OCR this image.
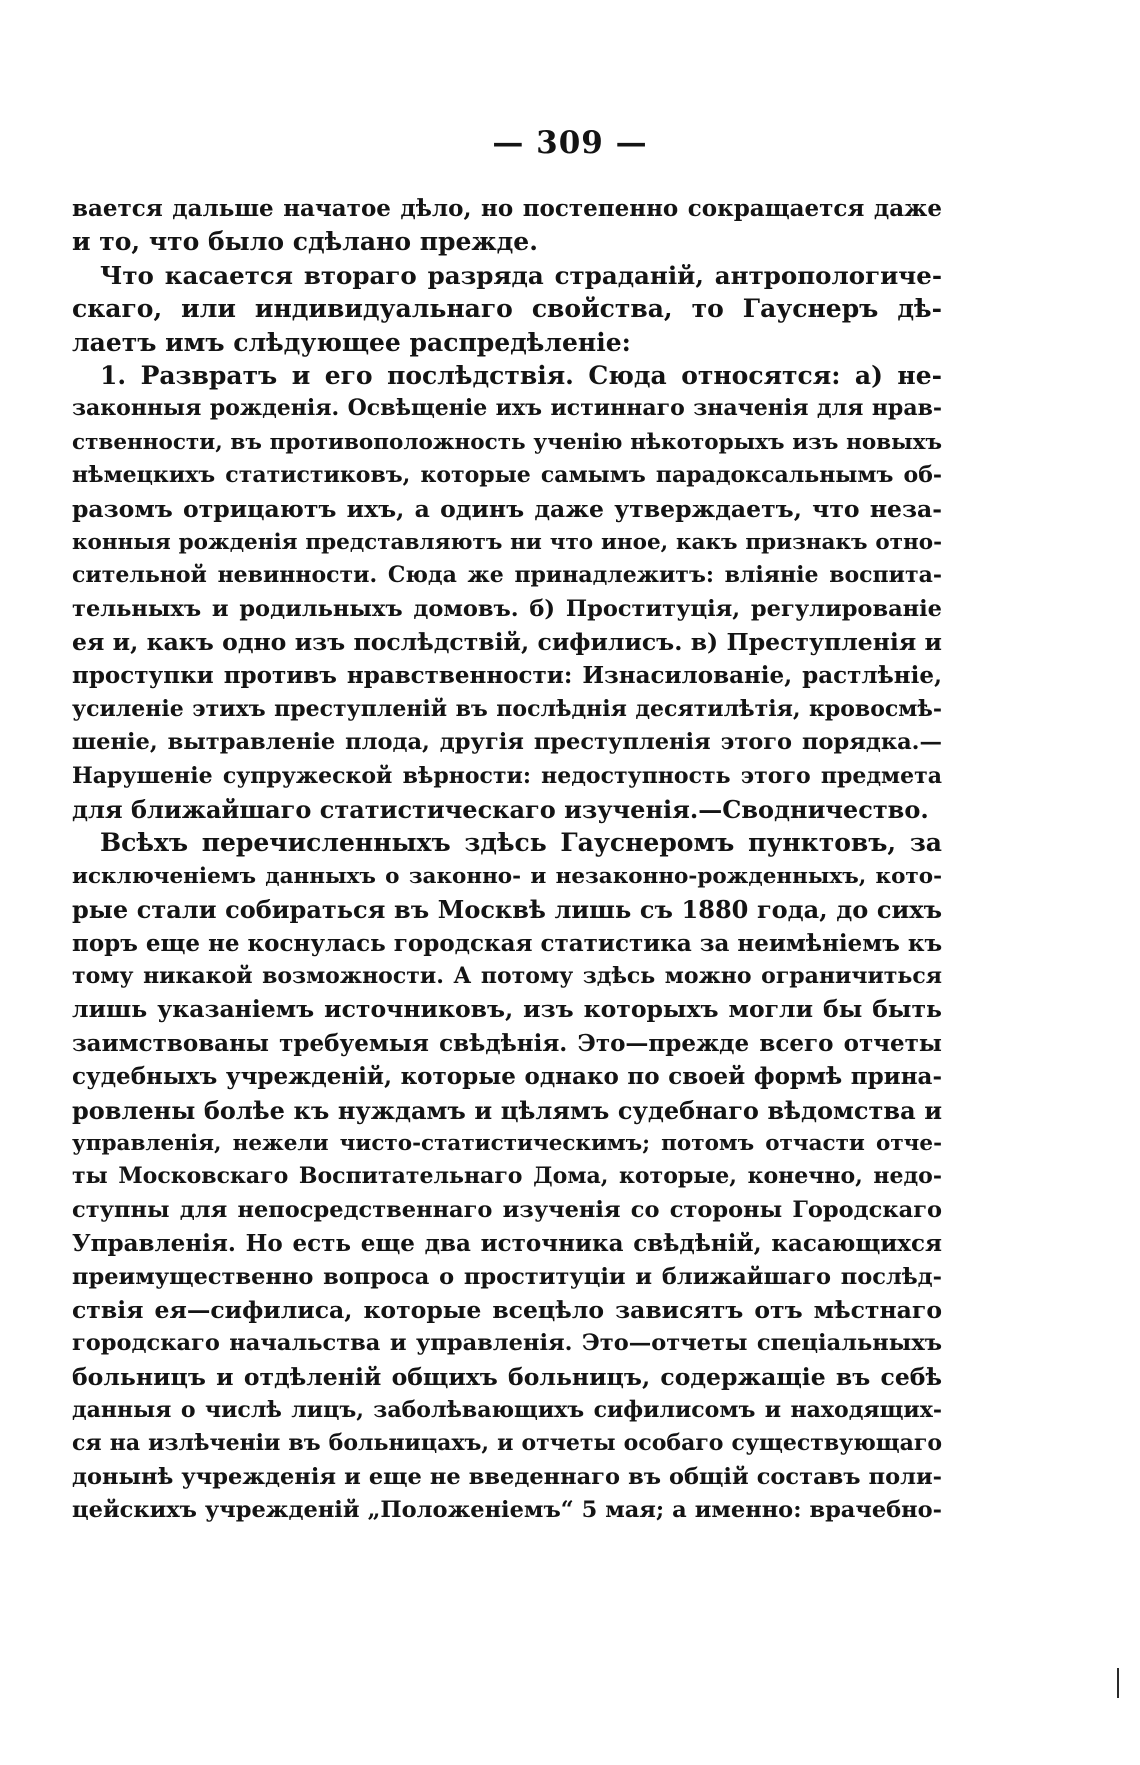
— 309 —
вается дальше начатое дѣло, но постепенно сокращается даже
и то, что было сдѣлано прежде.
Что касается втораго разряда страданій, антропологиче-
скаго, или индивидуальнаго свойства, то Гауснеръ дѣ-
лаетъ имъ слѣдующее распредѣленіе:
1. Развратъ и его послѣдствія. Сюда относятся: а) не-
законныя рожденія. Освѣщеніе ихъ истиннаго значенія для нрав-
ственности, въ противоположность ученію нѣкоторыхъ изъ новыхъ
нѣмецкихъ статистиковъ, которые самымъ парадоксальнымъ об-
разомъ отрицаютъ ихъ, а одинъ даже утверждаетъ, что неза-
конныя рожденія представляютъ ни что иное, какъ признакъ отно-
сительной невинности. Сюда же принадлежитъ: вліяніе воспита-
тельныхъ и родильныхъ домовъ. б) Проституція, регулированіе
ея и, какъ одно изъ послѣдствій, сифилисъ. в) Преступленія и
проступки противъ нравственности: Изнасилованіе, растлѣніе,
усиленіе этихъ преступленій въ послѣднія десятилѣтія, кровосмѣ-
шеніе, вытравленіе плода, другія преступленія этого порядка.—
Нарушеніе супружеской вѣрности: недоступность этого предмета
для ближайшаго статистическаго изученія.—Сводничество.
Всѣхъ перечисленныхъ здѣсь Гауснеромъ пунктовъ, за
исключеніемъ данныхъ о законно- и незаконно-рожденныхъ, кото-
рые стали собираться въ Москвѣ лишь съ 1880 года, до сихъ
поръ еще не коснулась городская статистика за неимѣніемъ къ
тому никакой возможности. А потому здѣсь можно ограничиться
лишь указаніемъ источниковъ, изъ которыхъ могли бы быть
заимствованы требуемыя свѣдѣнія. Это—прежде всего отчеты
судебныхъ учрежденій, которые однако по своей формѣ прина-
ровлены болѣе къ нуждамъ и цѣлямъ судебнаго вѣдомства и
управленія, нежели чисто-статистическимъ; потомъ отчасти отче-
ты Московскаго Воспитательнаго Дома, которые, конечно, недо-
ступны для непосредственнаго изученія со стороны Городскаго
Управленія. Но есть еще два источника свѣдѣній, касающихся
преимущественно вопроса о проституціи и ближайшаго послѣд-
ствія ея—сифилиса, которые всецѣло зависятъ отъ мѣстнаго
городскаго начальства и управленія. Это—отчеты спеціальныхъ
больницъ и отдѣленій общихъ больницъ, содержащіе въ себѣ
данныя о числѣ лицъ, заболѣвающихъ сифилисомъ и находящих-
ся на излѣченіи въ больницахъ, и отчеты особаго существующаго
донынѣ учрежденія и еще не введеннаго въ общій составъ поли-
цейскихъ учрежденій „Положеніемъ“ 5 мая; а именно: врачебно-
